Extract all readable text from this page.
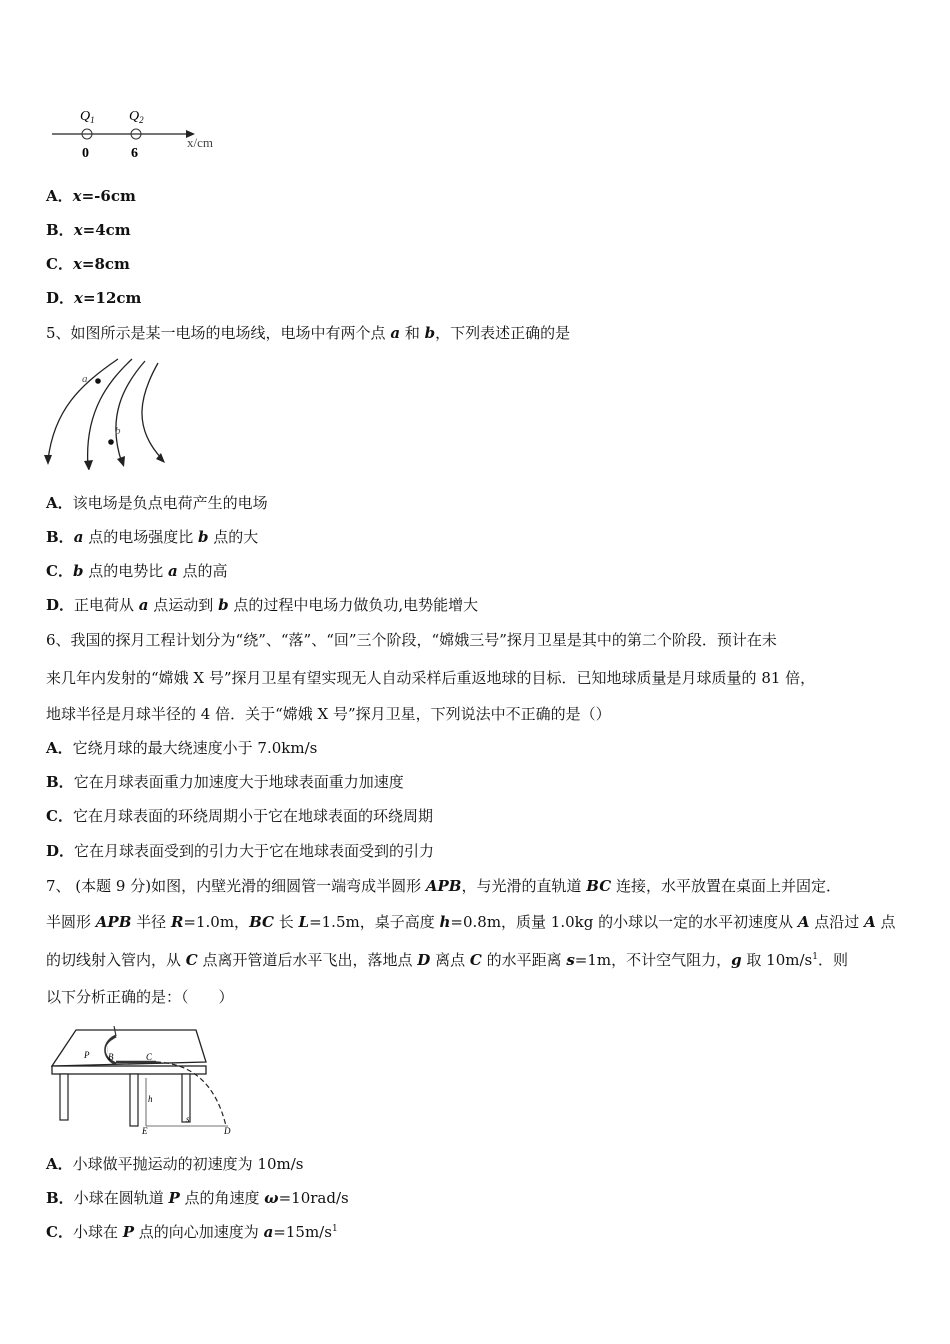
$Q_1$ $Q_2$
0	6
x/cm
A．x=-6cm
B．x=4cm
C．x=8cm
D．x=12cm
5、如图所示是某一电场的电场线，电场中有两个点 a 和 b，下列表述正确的是
a
b
A．该电场是负点电荷产生的电场
B．a 点的电场强度比 b 点的大
C．b 点的电势比 a 点的高
D．正电荷从 a 点运动到 b 点的过程中电场力做负功,电势能增大
6、我国的探月工程计划分为“绕”、“落”、“回”三个阶段，“嫦娥三号”探月卫星是其中的第二个阶段．预计在未
来几年内发射的“嫦娥 X 号”探月卫星有望实现无人自动采样后重返地球的目标．已知地球质量是月球质量的 81 倍，
地球半径是月球半径的 4 倍．关于“嫦娥 X 号”探月卫星，下列说法中不正确的是（）
A．它绕月球的最大绕速度小于 7.0km/s
B．它在月球表面重力加速度大于地球表面重力加速度
C．它在月球表面的环绕周期小于它在地球表面的环绕周期
D．它在月球表面受到的引力大于它在地球表面受到的引力
7、 (本题 9 分)如图，内壁光滑的细圆管一端弯成半圆形 APB，与光滑的直轨道 BC 连接，水平放置在桌面上并固定．
半圆形 APB 半径 R=1.0m，BC 长 L=1.5m，桌子高度 h=0.8m，质量 1.0kg 的小球以一定的水平初速度从 A 点沿过 A 点
的切线射入管内，从 C 点离开管道后水平飞出，落地点 D 离点 C 的水平距离 s=1m，不计空气阻力，g 取 $10m/s^1$．则
以下分析正确的是：（　　）
P B	C
h
s
E	D
A．小球做平抛运动的初速度为 10m/s
B．小球在圆轨道 P 点的角速度 ω=10rad/s
C．小球在 P 点的向心加速度为 $a=15m/s^1$
